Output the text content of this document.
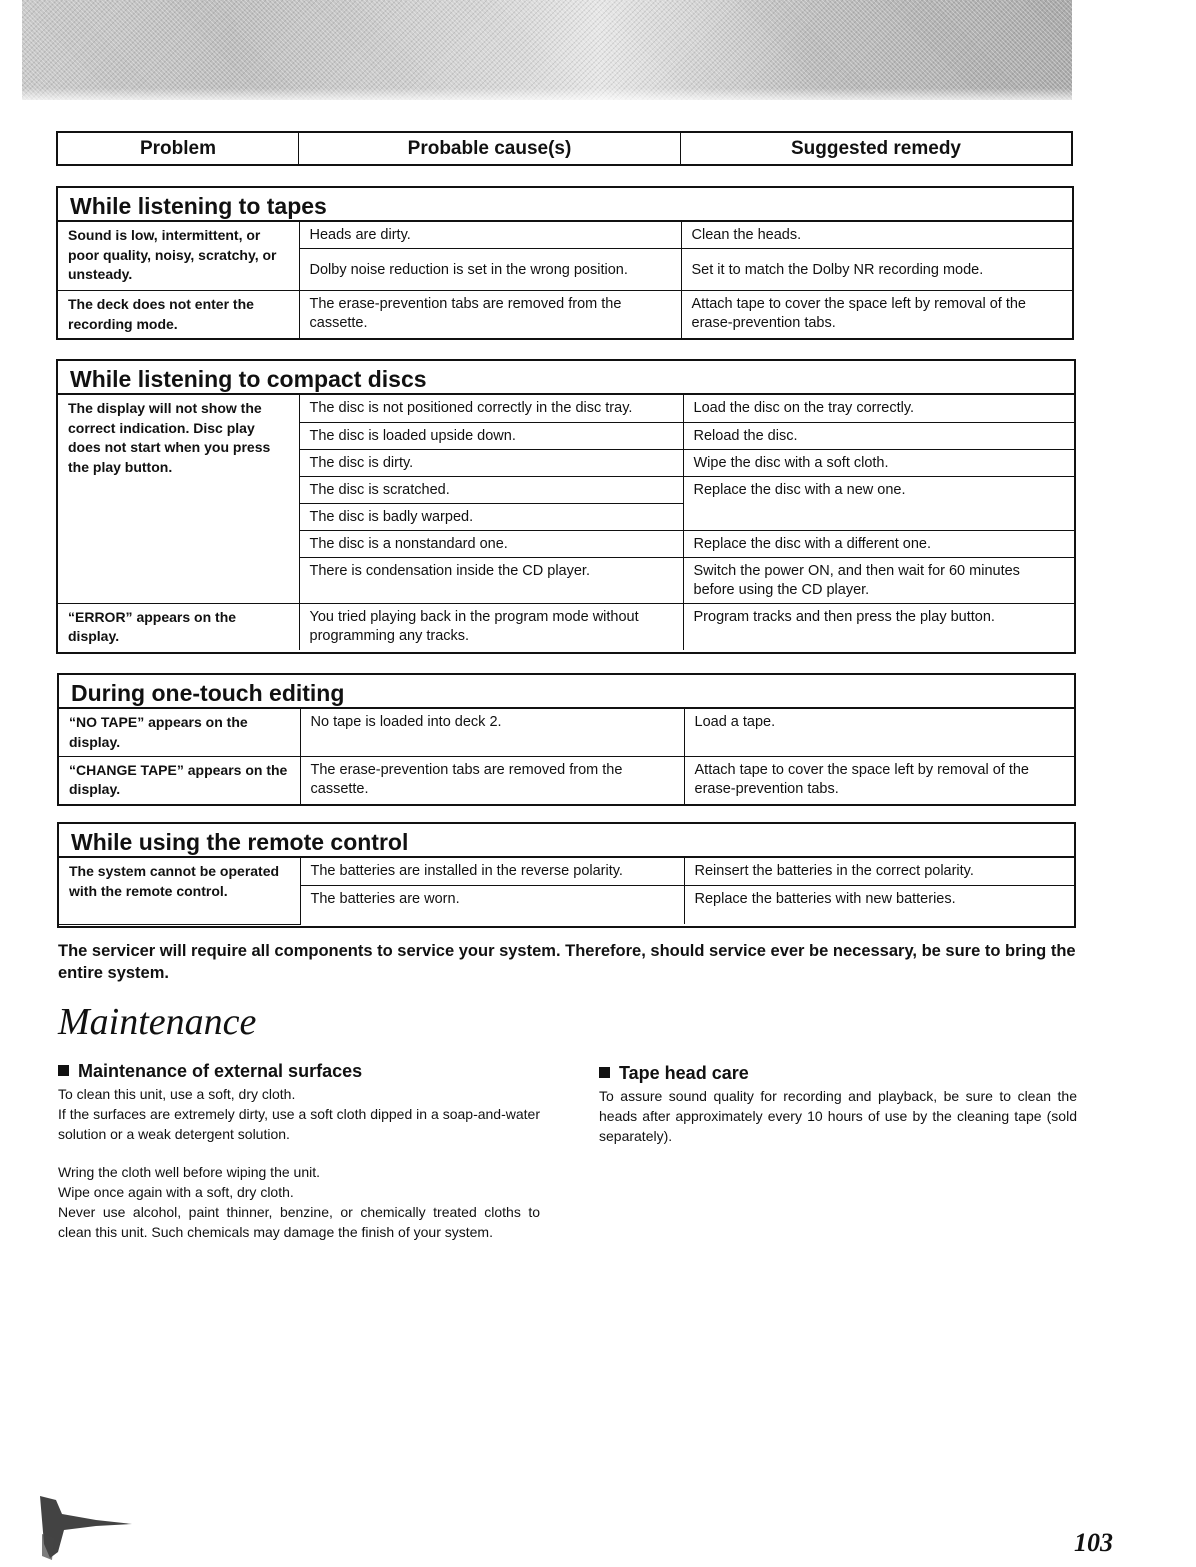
Problem	Probable cause(s)	Suggested remedy
While listening to tapes
Sound is low, intermittent, or poor quality, noisy, scratchy, or unsteady.	Heads are dirty.	Clean the heads.
	Dolby noise reduction is set in the wrong position.	Set it to match the Dolby NR recording mode.
The deck does not enter the recording mode.	The erase-prevention tabs are removed from the cassette.	Attach tape to cover the space left by removal of the erase-prevention tabs.
While listening to compact discs
The display will not show the correct indication. Disc play does not start when you press the play button.	The disc is not positioned correctly in the disc tray.	Load the disc on the tray correctly.
	The disc is loaded upside down.	Reload the disc.
	The disc is dirty.	Wipe the disc with a soft cloth.
	The disc is scratched.	Replace the disc with a new one.
	The disc is badly warped.	
	The disc is a nonstandard one.	Replace the disc with a different one.
	There is condensation inside the CD player.	Switch the power ON, and then wait for 60 minutes before using the CD player.
“ERROR” appears on the display.	You tried playing back in the program mode without programming any tracks.	Program tracks and then press the play button.
During one-touch editing
“NO TAPE” appears on the display.	No tape is loaded into deck 2.	Load a tape.
“CHANGE TAPE” appears on the display.	The erase-prevention tabs are removed from the cassette.	Attach tape to cover the space left by removal of the erase-prevention tabs.
While using the remote control
The system cannot be operated with the remote control.	The batteries are installed in the reverse polarity.	Reinsert the batteries in the correct polarity.
	The batteries are worn.	Replace the batteries with new batteries.
The servicer will require all components to service your system. Therefore, should service ever be necessary, be sure to bring the entire system.
Maintenance
Maintenance of external surfaces

To clean this unit, use a soft, dry cloth.

If the surfaces are extremely dirty, use a soft cloth dipped in a soap-and-water solution or a weak detergent solution.

Wring the cloth well before wiping the unit.

Wipe once again with a soft, dry cloth.

Never use alcohol, paint thinner, benzine, or chemically treated cloths to clean this unit. Such chemicals may damage the finish of your system.

Tape head care

To assure sound quality for recording and playback, be sure to clean the heads after approximately every 10 hours of use by the cleaning tape (sold separately).

103
